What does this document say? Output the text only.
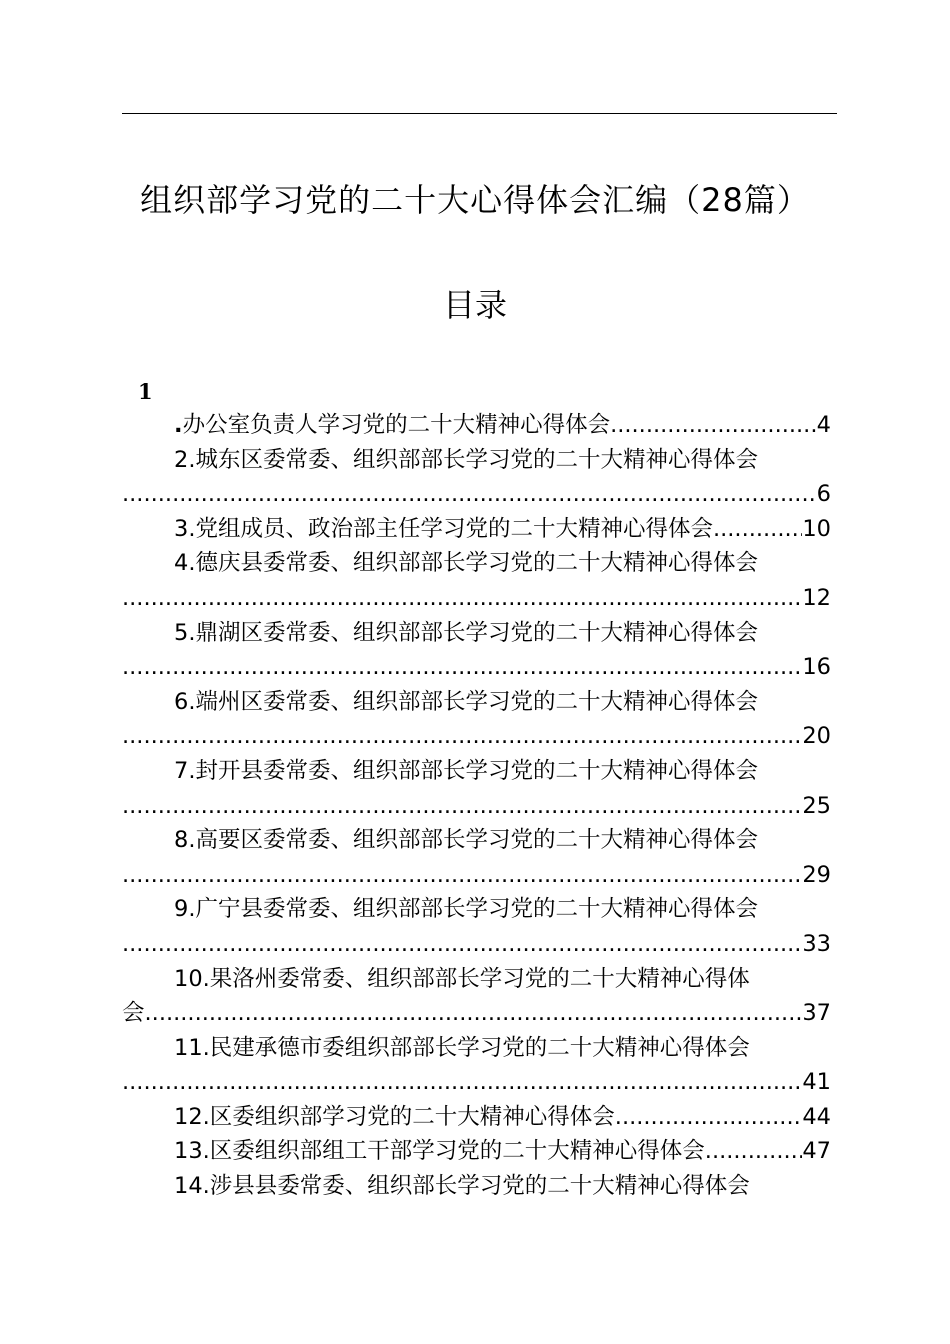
组织部学习党的二十大心得体会汇编（28篇）
目录
1
.办公室负责人学习党的二十大精神心得体会 .....	4
2.城东区委常委、组织部部长学习党的二十大精神心得体会
.....6
3.党组成员、政治部主任学习党的二十大精神心得体会 .....	10
4.德庆县委常委、组织部部长学习党的二十大精神心得体会
.....12
5.鼎湖区委常委、组织部部长学习党的二十大精神心得体会
.....16
6.端州区委常委、组织部部长学习党的二十大精神心得体会
.....20
7.封开县委常委、组织部部长学习党的二十大精神心得体会
.....25
8.高要区委常委、组织部部长学习党的二十大精神心得体会
.....29
9.广宁县委常委、组织部部长学习党的二十大精神心得体会
.....33
10.果洛州委常委、组织部部长学习党的二十大精神心得体
会 .....	37
11.民建承德市委组织部部长学习党的二十大精神心得体会
.....41
12.区委组织部学习党的二十大精神心得体会 .....	44
13.区委组织部组工干部学习党的二十大精神心得体会 .....	47
14.涉县县委常委、组织部长学习党的二十大精神心得体会
